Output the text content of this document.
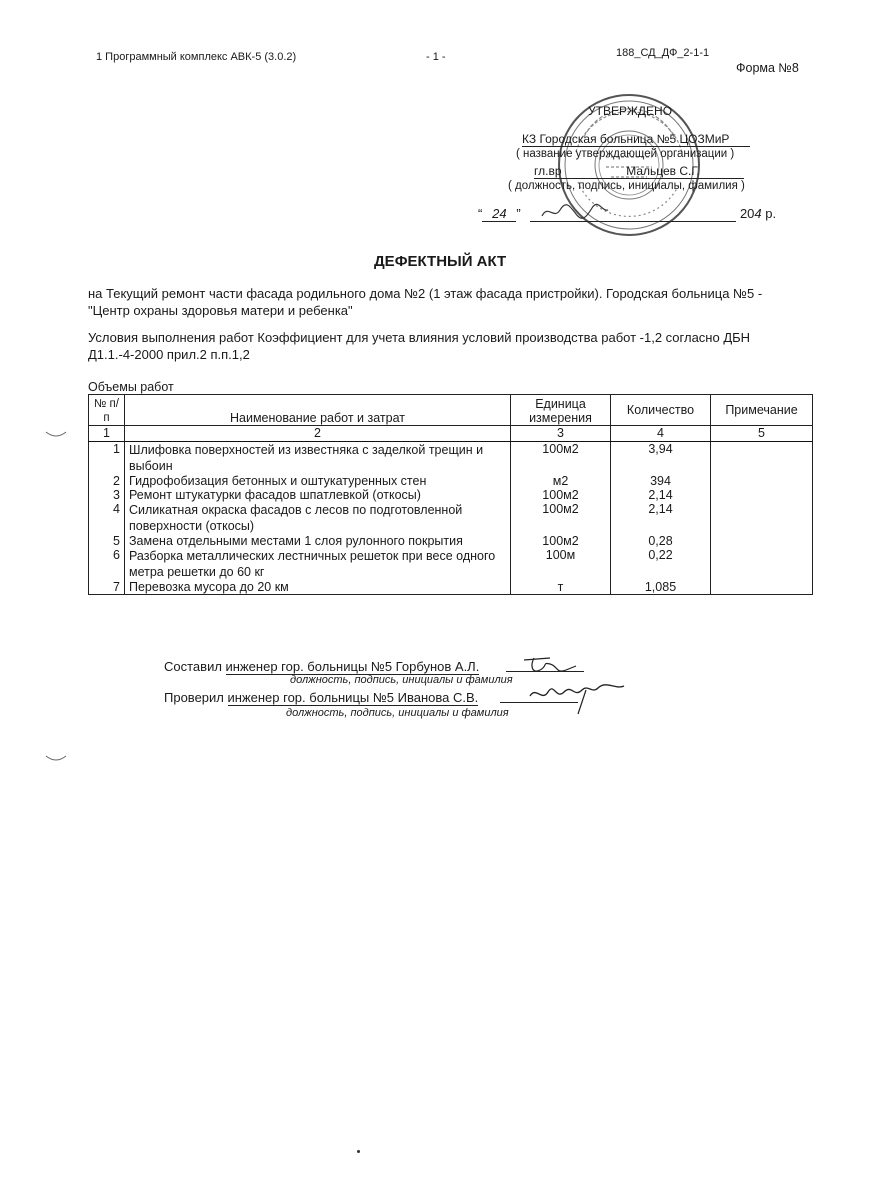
1 Программный комплекс АВК-5 (3.0.2)	- 1 -	188_СД_ДФ_2-1-1
Форма №8
УТВЕРЖДЕНО
КЗ Городская больница №5 ЦОЗМиР
( название утверждающей организации )
гл.вр	Мальцев С.Г.
( должность, подпись, инициалы, фамилия )
“ 24 ”	204 р.
ДЕФЕКТНЫЙ АКТ
на Текущий ремонт части фасада родильного дома №2 (1 этаж фасада пристройки). Городская больница №5 -"Центр охраны здоровья матери и ребенка"
Условия выполнения работ Коэффициент для учета влияния условий производства работ -1,2 согласно ДБН Д1.1.-4-2000 прил.2 п.п.1,2
Объемы работ
№ п/п	Наименование работ и затрат	Единица измерения	Количество	Примечание
1	2	3	4	5
1	Шлифовка поверхностей из известняка с заделкой трещин и выбоин	100м2	3,94	
2	Гидрофобизация бетонных и оштукатуренных стен	м2	394	
3	Ремонт штукатурки фасадов шпатлевкой (откосы)	100м2	2,14	
4	Силикатная окраска фасадов с лесов по подготовленной поверхности (откосы)	100м2	2,14	
5	Замена отдельными местами 1 слоя рулонного покрытия	100м2	0,28	
6	Разборка металлических лестничных решеток при весе одного метра решетки до 60 кг	100м	0,22	
7	Перевозка мусора до 20 км	т	1,085	
Составил инженер гор. больницы №5 Горбунов А.Л.
должность, подпись, инициалы и фамилия
Проверил инженер гор. больницы №5 Иванова С.В.
должность, подпись, инициалы и фамилия
